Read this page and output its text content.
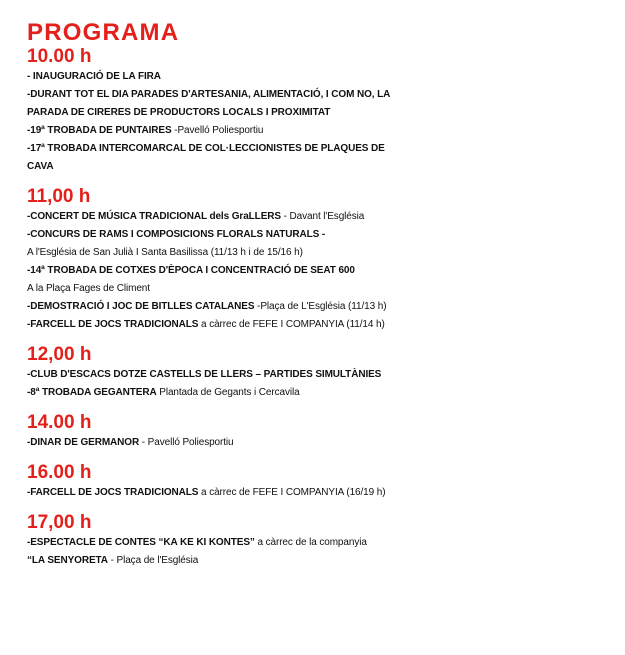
PROGRAMA
10.00 h
- INAUGURACIÓ DE LA FIRA
-DURANT TOT EL DIA PARADES D'ARTESANIA, ALIMENTACIÓ, I COM NO, LA
PARADA DE CIRERES DE PRODUCTORS LOCALS I PROXIMITAT
-19ª TROBADA DE PUNTAIRES -Pavelló Poliesportiu
-17ª TROBADA INTERCOMARCAL DE COL·LECCIONISTES DE PLAQUES DE
CAVA
11,00 h
-CONCERT DE MÚSICA TRADICIONAL dels GraLLERS - Davant l'Església
-CONCURS DE RAMS I COMPOSICIONS FLORALS NATURALS -
A l'Església de San Julià I Santa Basilissa (11/13 h i de 15/16 h)
-14ª TROBADA DE COTXES D'ÈPOCA I CONCENTRACIÓ DE SEAT 600
A la Plaça Fages de Climent
-DEMOSTRACIÓ I JOC DE BITLLES CATALANES -Plaça de L'Església (11/13 h)
-FARCELL DE JOCS TRADICIONALS a càrrec de FEFE I COMPANYIA (11/14 h)
12,00 h
-CLUB D'ESCACS DOTZE CASTELLS DE LLERS – PARTIDES SIMULTÀNIES
-8ª TROBADA GEGANTERA Plantada de Gegants i Cercavila
14.00 h
-DINAR DE GERMANOR - Pavelló Poliesportiu
16.00 h
-FARCELL DE JOCS TRADICIONALS a càrrec de FEFE I COMPANYIA (16/19 h)
17,00 h
-ESPECTACLE DE CONTES “KA KE KI KONTES” a càrrec de la companyia
“LA SENYORETA - Plaça de l'Església
